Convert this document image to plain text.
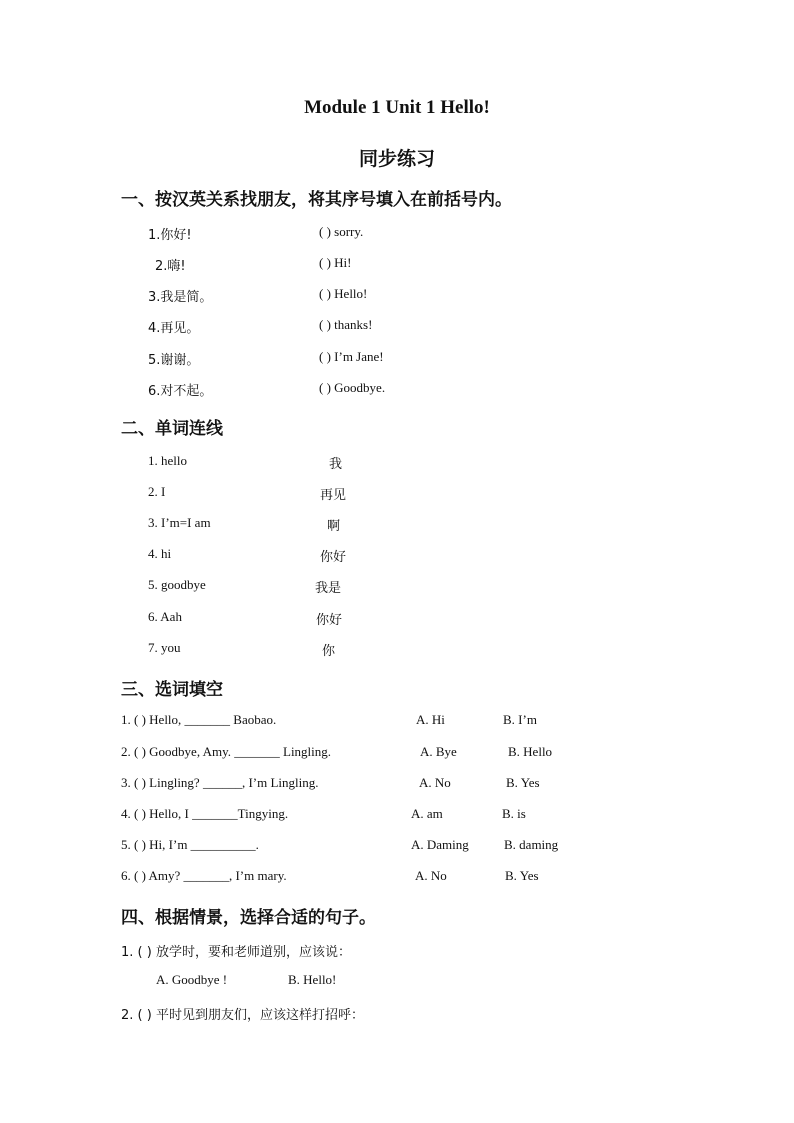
Module 1 Unit 1 Hello!
同步练习
一、按汉英关系找朋友，将其序号填入在前括号内。
1.你好!	( ) sorry.
2.嗨!	( ) Hi!
3.我是简。	( ) Hello!
4.再见。	( ) thanks!
5.谢谢。	( ) I’m Jane!
6.对不起。	( ) Goodbye.
二、单词连线
1. hello	我
2. I	再见
3. I’m=I am	啊
4. hi	你好
5. goodbye	我是
6. Aah	你好
7. you	你
三、选词填空
1. ( ) Hello, _______ Baobao.	A. Hi	B. I’m
2. ( ) Goodbye, Amy. _______ Lingling.	A. Bye	B. Hello
3. ( ) Lingling? ______, I’m Lingling.	A. No	B. Yes
4. ( ) Hello, I _______Tingying.	A. am	B. is
5. ( ) Hi, I’m __________.	A. Daming	B. daming
6. ( ) Amy? _______, I’m mary.	A. No	B. Yes
四、根据情景，选择合适的句子。
1. ( ) 放学时，要和老师道别，应该说：
A. Goodbye !	B. Hello!
2. ( ) 平时见到朋友们，应该这样打招呼：
